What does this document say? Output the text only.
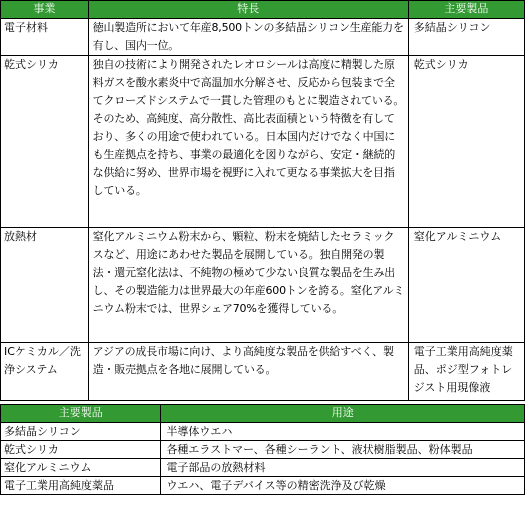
事業	特長	主要製品
電子材料	徳山製造所において年産8,500トンの多結晶シリコン生産能力を有し、国内一位。	多結晶シリコン
乾式シリカ	独自の技術により開発されたレオロシールは高度に精製した原料ガスを酸水素炎中で高温加水分解させ、反応から包装まで全てクローズドシステムで一貫した管理のもとに製造されている。そのため、高純度、高分散性、高比表面積という特徴を有しており、多くの用途で使われている。日本国内だけでなく中国にも生産拠点を持ち、事業の最適化を図りながら、安定・継続的な供給に努め、世界市場を視野に入れて更なる事業拡大を目指している。	乾式シリカ
放熱材	窒化アルミニウム粉末から、顆粒、粉末を焼結したセラミックスなど、用途にあわせた製品を展開している。独自開発の製法・還元窒化法は、不純物の極めて少ない良質な製品を生み出し、その製造能力は世界最大の年産600トンを誇る。窒化アルミニウム粉末では、世界シェア70%を獲得している。	窒化アルミニウム
ICケミカル／洗浄システム	アジアの成長市場に向け、より高純度な製品を供給すべく、製造・販売拠点を各地に展開している。	電子工業用高純度薬品、ポジ型フォトレジスト用現像液
主要製品	用途
多結晶シリコン	半導体ウエハ
乾式シリカ	各種エラストマー、各種シーラント、液状樹脂製品、粉体製品
窒化アルミニウム	電子部品の放熱材料
電子工業用高純度薬品	ウエハ、電子デバイス等の精密洗浄及び乾燥
